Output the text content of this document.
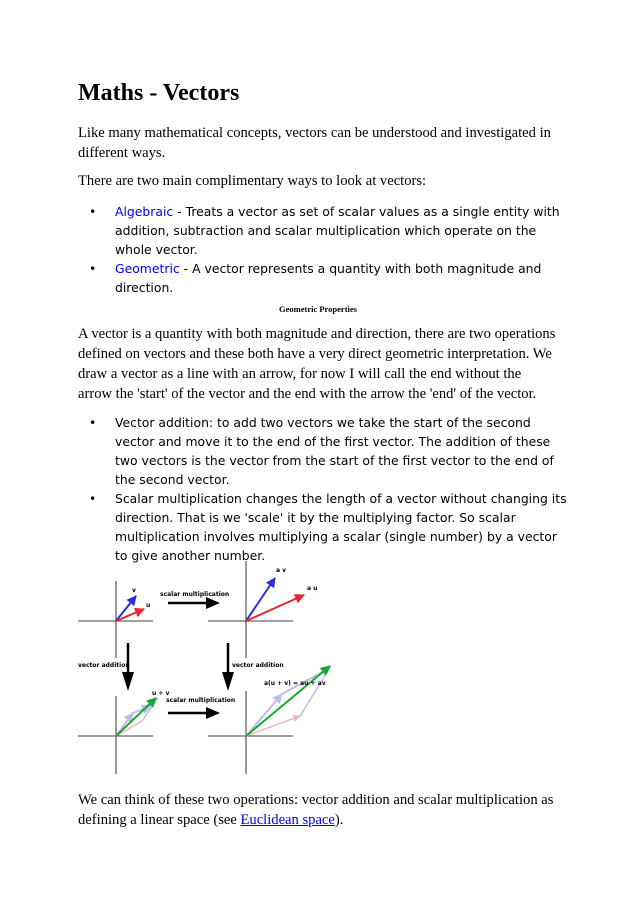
Maths - Vectors

Like many mathematical concepts, vectors can be understood and investigated in different ways.

There are two main complimentary ways to look at vectors:

• Algebraic - Treats a vector as set of scalar values as a single entity with addition, subtraction and scalar multiplication which operate on the whole vector.
• Geometric - A vector represents a quantity with both magnitude and direction.
Geometric Properties

A vector is a quantity with both magnitude and direction, there are two operations defined on vectors and these both have a very direct geometric interpretation. We draw a vector as a line with an arrow, for now I will call the end without the arrow the 'start' of the vector and the end with the arrow the 'end' of the vector.

• Vector addition: to add two vectors we take the start of the second vector and move it to the end of the first vector. The addition of these two vectors is the vector from the start of the first vector to the end of the second vector.
• Scalar multiplication changes the length of a vector without changing its direction. That is we 'scale' it by the multiplying factor. So scalar multiplication involves multiplying a scalar (single number) by a vector to give another number.

We can think of these two operations: vector addition and scalar multiplication as defining a linear space (see Euclidean space).

v
u
scalar multiplication
a v
a u
vector addition	vector addition
u + v
scalar multiplication
a(u + v) = au + av
